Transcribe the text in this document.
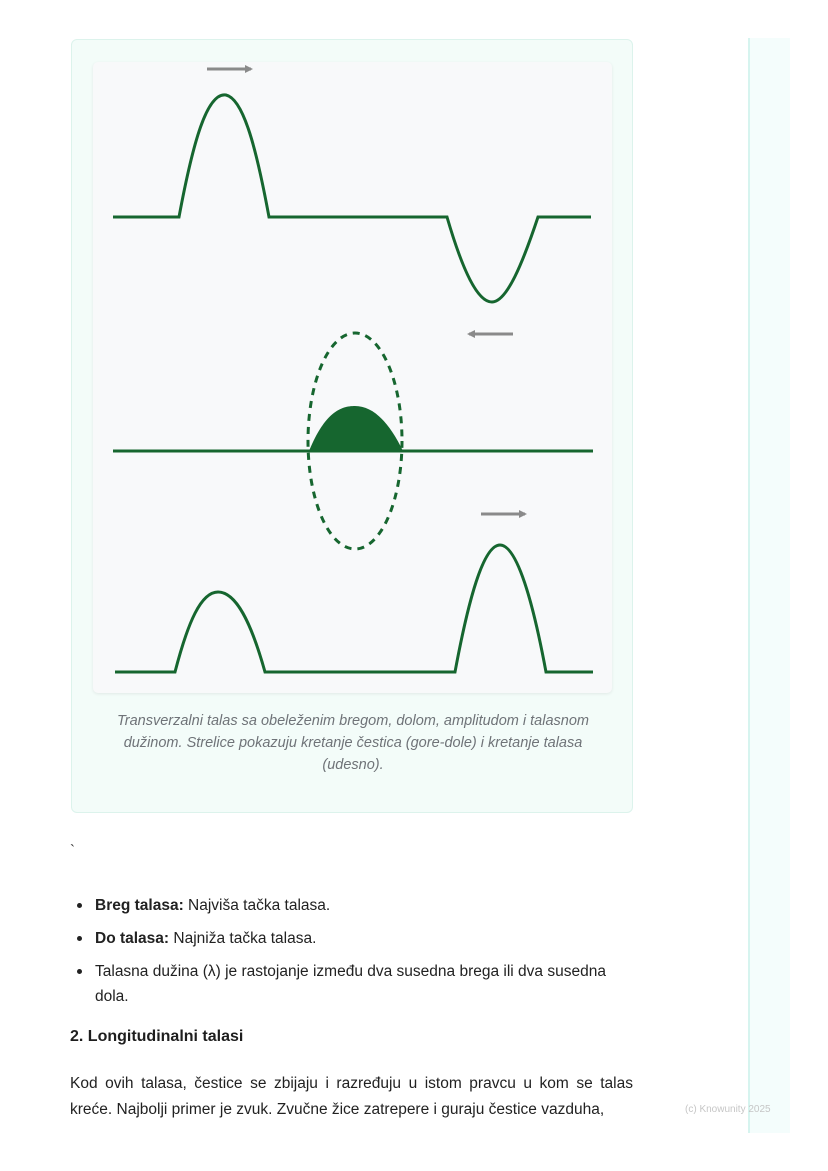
Transverzalni talas sa obeleženim bregom, dolom, amplitudom i talasnom dužinom. Strelice pokazuju kretanje čestica (gore-dole) i kretanje talasa (udesno).
`
Breg talasa: Najviša tačka talasa.
Do talasa: Najniža tačka talasa.
Talasna dužina (λ) je rastojanje između dva susedna brega ili dva susedna dola.
2. Longitudinalni talasi

Kod ovih talasa, čestice se zbijaju i razređuju u istom pravcu u kom se talas kreće. Najbolji primer je zvuk. Zvučne žice zatrepere i guraju čestice vazduha,	(c) Knowunity 2025
